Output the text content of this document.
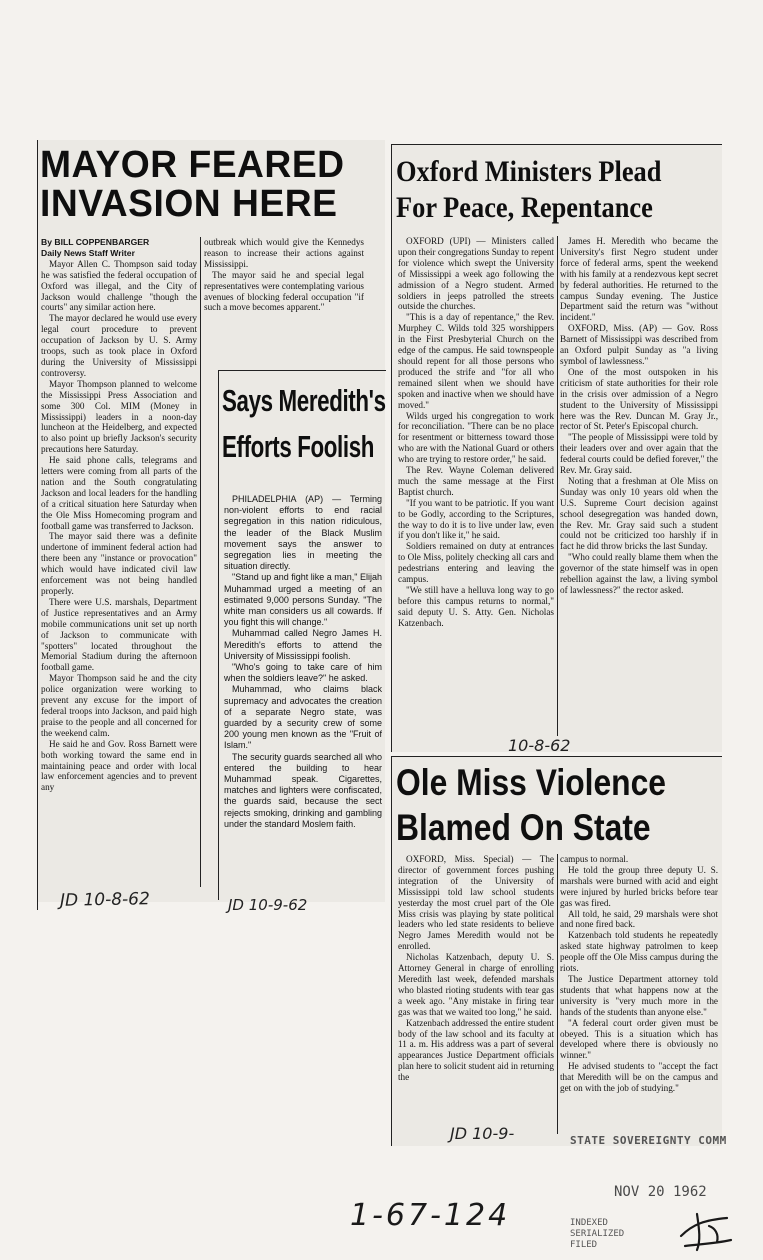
MAYOR FEARED
INVASION HERE

By BILL COPPENBARGER

Daily News Staff Writer

Mayor Allen C. Thompson said today he was satisfied the federal occupation of Oxford was illegal, and the City of Jackson would challenge "though the courts" any similar action here.

The mayor declared he would use every legal court procedure to prevent occupation of Jackson by U. S. Army troops, such as took place in Oxford during the University of Mississippi controversy.

Mayor Thompson planned to welcome the Mississippi Press Association and some 300 Col. MIM (Money in Mississippi) leaders in a noon-day luncheon at the Heidelberg, and expected to also point up briefly Jackson's security precautions here Saturday.

He said phone calls, telegrams and letters were coming from all parts of the nation and the South congratulating Jackson and local leaders for the handling of a critical situation here Saturday when the Ole Miss Homecoming program and football game was transferred to Jackson.

The mayor said there was a definite undertone of imminent federal action had there been any "instance or provocation" which would have indicated civil law enforcement was not being handled properly.

There were U.S. marshals, Department of Justice representatives and an Army mobile communications unit set up north of Jackson to communicate with "spotters" located throughout the Memorial Stadium during the afternoon football game.

Mayor Thompson said he and the city police organization were working to prevent any excuse for the import of federal troops into Jackson, and paid high praise to the people and all concerned for the weekend calm.

He said he and Gov. Ross Barnett were both working toward the same end in maintaining peace and order with local law enforcement agencies and to prevent any

outbreak which would give the Kennedys reason to increase their actions against Mississippi.

The mayor said he and special legal representatives were contemplating various avenues of blocking federal occupation "if such a move becomes apparent."

JD 10-8-62
Says Meredith's
Efforts Foolish

PHILADELPHIA (AP) — Terming non-violent efforts to end racial segregation in this nation ridiculous, the leader of the Black Muslim movement says the answer to segregation lies in meeting the situation directly.

"Stand up and fight like a man," Elijah Muhammad urged a meeting of an estimated 9,000 persons Sunday. "The white man considers us all cowards. If you fight this will change."

Muhammad called Negro James H. Meredith's efforts to attend the University of Mississippi foolish.

"Who's going to take care of him when the soldiers leave?" he asked.

Muhammad, who claims black supremacy and advocates the creation of a separate Negro state, was guarded by a security crew of some 200 young men known as the "Fruit of Islam."

The security guards searched all who entered the building to hear Muhammad speak. Cigarettes, matches and lighters were confiscated, the guards said, because the sect rejects smoking, drinking and gambling under the standard Moslem faith.

JD 10-9-62
Oxford Ministers Plead
For Peace, Repentance

OXFORD (UPI) — Ministers called upon their congregations Sunday to repent for violence which swept the University of Mississippi a week ago following the admission of a Negro student. Armed soldiers in jeeps patrolled the streets outside the churches.

"This is a day of repentance," the Rev. Murphey C. Wilds told 325 worshippers in the First Presbyterial Church on the edge of the campus. He said townspeople should repent for all those persons who produced the strife and "for all who remained silent when we should have spoken and inactive when we should have moved."

Wilds urged his congregation to work for reconciliation. "There can be no place for resentment or bitterness toward those who are with the National Guard or others who are trying to restore order," he said.

The Rev. Wayne Coleman delivered much the same message at the First Baptist church.

"If you want to be patriotic. If you want to be Godly, according to the Scriptures, the way to do it is to live under law, even if you don't like it," he said.

Soldiers remained on duty at entrances to Ole Miss, politely checking all cars and pedestrians entering and leaving the campus.

"We still have a helluva long way to go before this campus returns to normal," said deputy U. S. Atty. Gen. Nicholas Katzenbach.

James H. Meredith who became the University's first Negro student under force of federal arms, spent the weekend with his family at a rendezvous kept secret by federal authorities. He returned to the campus Sunday evening. The Justice Department said the return was "without incident."

OXFORD, Miss. (AP) — Gov. Ross Barnett of Mississippi was described from an Oxford pulpit Sunday as "a living symbol of lawlessness."

One of the most outspoken in his criticism of state authorities for their role in the crisis over admission of a Negro student to the University of Mississippi here was the Rev. Duncan M. Gray Jr., rector of St. Peter's Episcopal church.

"The people of Mississippi were told by their leaders over and over again that the federal courts could be defied forever," the Rev. Mr. Gray said.

Noting that a freshman at Ole Miss on Sunday was only 10 years old when the U.S. Supreme Court decision against school desegregation was handed down, the Rev. Mr. Gray said such a student could not be criticized too harshly if in fact he did throw bricks the last Sunday.

"Who could really blame them when the governor of the state himself was in open rebellion against the law, a living symbol of lawlessness?" the rector asked.

10-8-62
Ole Miss Violence
Blamed On State

OXFORD, Miss. Special) — The director of government forces pushing integration of the University of Mississippi told law school students yesterday the most cruel part of the Ole Miss crisis was playing by state political leaders who led state residents to believe Negro James Meredith would not be enrolled.

Nicholas Katzenbach, deputy U. S. Attorney General in charge of enrolling Meredith last week, defended marshals who blasted rioting students with tear gas a week ago. "Any mistake in firing tear gas was that we waited too long," he said.

Katzenbach addressed the entire student body of the law school and its faculty at 11 a. m. His address was a part of several appearances Justice Department officials plan here to solicit student aid in returning the

campus to normal.

He told the group three deputy U. S. marshals were burned with acid and eight were injured by hurled bricks before tear gas was fired.

All told, he said, 29 marshals were shot and none fired back.

Katzenbach told students he repeatedly asked state highway patrolmen to keep people off the Ole Miss campus during the riots.

The Justice Department attorney told students that what happens now at the university is "very much more in the hands of the students than anyone else."

"A federal court order given must be obeyed. This is a situation which has developed where there is obviously no winner."

He advised students to "accept the fact that Meredith will be on the campus and get on with the job of studying."

JD 10-9-	STATE SOVEREIGNTY COMM
NOV 20 1962
INDEXED
SERIALIZED
FILED
1-67-124
